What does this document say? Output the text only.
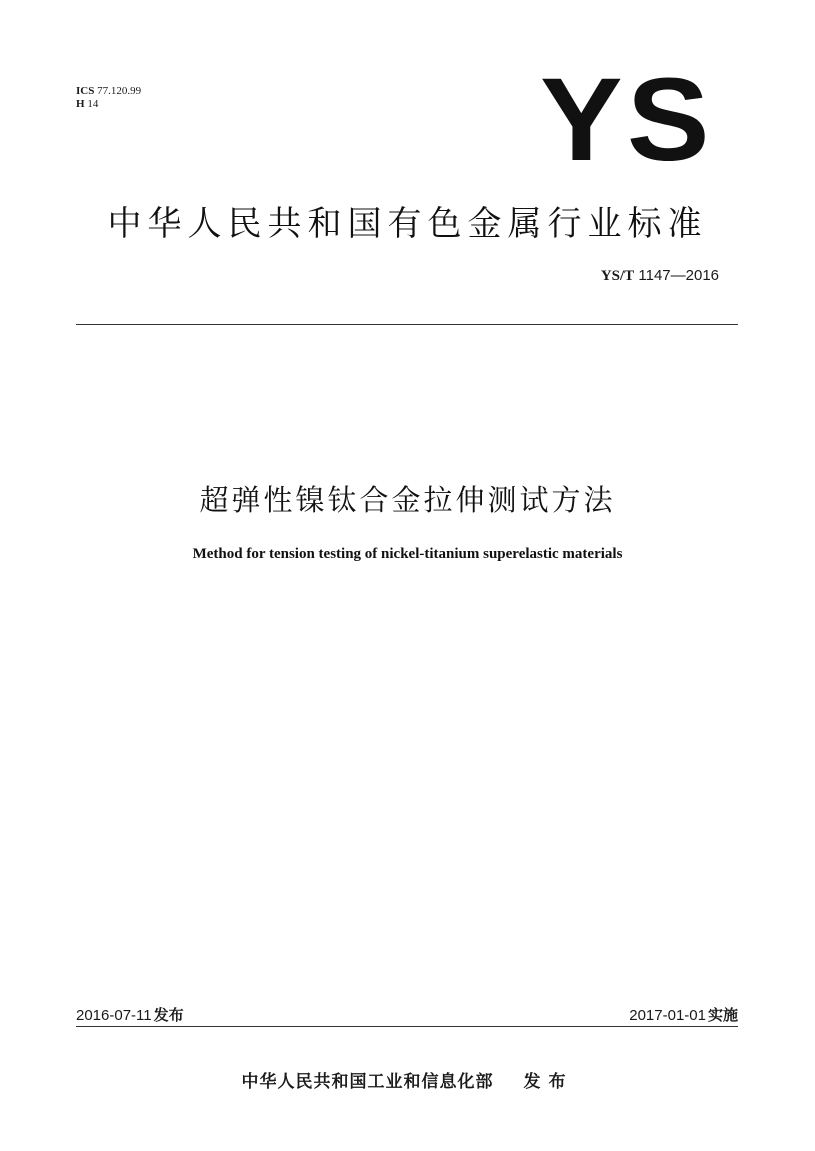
ICS 77.120.99
H 14	YS
中华人民共和国有色金属行业标准
YS/T 1147—2016
超弹性镍钛合金拉伸测试方法
Method for tension testing of nickel-titanium superelastic materials
2016-07-11 发布	2017-01-01 实施
中华人民共和国工业和信息化部 发布
